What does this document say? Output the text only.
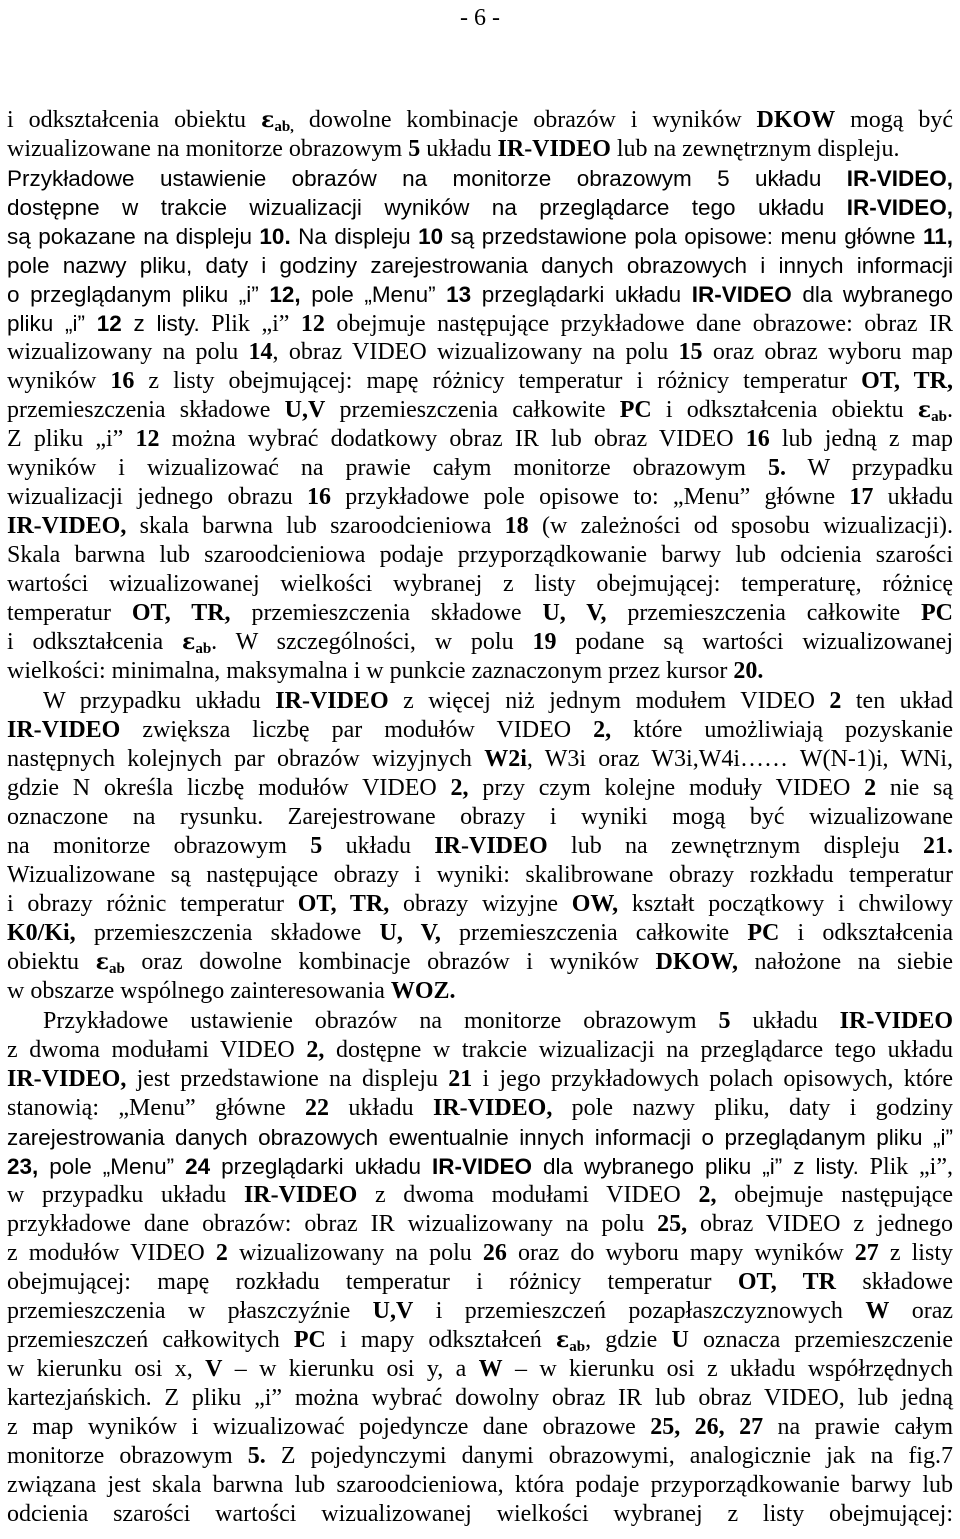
- 6 -
i odkształcenia obiektu $\varepsilon_{ab,}$ dowolne kombinacje obrazów i wyników DKOW mogą być
wizualizowane na monitorze obrazowym 5 układu IR-VIDEO lub na zewnętrznym displeju.
Przykładowe ustawienie obrazów na monitorze obrazowym 5 układu IR-VIDEO,
dostępne w trakcie wizualizacji wyników na przeglądarce tego układu IR-VIDEO,
są pokazane na displeju 10. Na displeju 10 są przedstawione pola opisowe: menu główne 11,
pole nazwy pliku, daty i godziny zarejestrowania danych obrazowych i innych informacji
o przeglądanym pliku „i” 12, pole „Menu” 13 przeglądarki układu IR-VIDEO dla wybranego
pliku „i” 12 z listy. Plik „i” 12 obejmuje następujące przykładowe dane obrazowe: obraz IR
wizualizowany na polu 14, obraz VIDEO wizualizowany na polu 15 oraz obraz wyboru map
wyników 16 z listy obejmującej: mapę różnicy temperatur i różnicy temperatur OT, TR,
przemieszczenia składowe U,V przemieszczenia całkowite PC i odkształcenia obiektu $\varepsilon_{ab}$.
Z pliku „i” 12 można wybrać dodatkowy obraz IR lub obraz VIDEO 16 lub jedną z map
wyników i wizualizować na prawie całym monitorze obrazowym 5. W przypadku
wizualizacji jednego obrazu 16 przykładowe pole opisowe to: „Menu” główne 17 układu
IR-VIDEO, skala barwna lub szaroodcieniowa 18 (w zależności od sposobu wizualizacji).
Skala barwna lub szaroodcieniowa podaje przyporządkowanie barwy lub odcienia szarości
wartości wizualizowanej wielkości wybranej z listy obejmującej: temperaturę, różnicę
temperatur OT, TR, przemieszczenia składowe U, V, przemieszczenia całkowite PC
i odkształcenia $\varepsilon_{ab}$. W szczególności, w polu 19 podane są wartości wizualizowanej
wielkości: minimalna, maksymalna i w punkcie zaznaczonym przez kursor 20.
W przypadku układu IR-VIDEO z więcej niż jednym modułem VIDEO 2 ten układ
IR-VIDEO zwiększa liczbę par modułów VIDEO 2, które umożliwiają pozyskanie
następnych kolejnych par obrazów wizyjnych W2i, W3i oraz W3i,W4i…… W(N-1)i, WNi,
gdzie N określa liczbę modułów VIDEO 2, przy czym kolejne moduły VIDEO 2 nie są
oznaczone na rysunku. Zarejestrowane obrazy i wyniki mogą być wizualizowane
na monitorze obrazowym 5 układu IR-VIDEO lub na zewnętrznym displeju 21.
Wizualizowane są następujące obrazy i wyniki: skalibrowane obrazy rozkładu temperatur
i obrazy różnic temperatur OT, TR, obrazy wizyjne OW, kształt początkowy i chwilowy
K0/Ki, przemieszczenia składowe U, V, przemieszczenia całkowite PC i odkształcenia
obiektu $\varepsilon_{ab}$ oraz dowolne kombinacje obrazów i wyników DKOW, nałożone na siebie
w obszarze wspólnego zainteresowania WOZ.
Przykładowe ustawienie obrazów na monitorze obrazowym 5 układu IR-VIDEO
z dwoma modułami VIDEO 2, dostępne w trakcie wizualizacji na przeglądarce tego układu
IR-VIDEO, jest przedstawione na displeju 21 i jego przykładowych polach opisowych, które
stanowią: „Menu” główne 22 układu IR-VIDEO, pole nazwy pliku, daty i godziny
zarejestrowania danych obrazowych ewentualnie innych informacji o przeglądanym pliku „i”
23, pole „Menu” 24 przeglądarki układu IR-VIDEO dla wybranego pliku „i” z listy. Plik „i”,
w przypadku układu IR-VIDEO z dwoma modułami VIDEO 2, obejmuje następujące
przykładowe dane obrazów: obraz IR wizualizowany na polu 25, obraz VIDEO z jednego
z modułów VIDEO 2 wizualizowany na polu 26 oraz do wyboru mapy wyników 27 z listy
obejmującej: mapę rozkładu temperatur i różnicy temperatur OT, TR składowe
przemieszczenia w płaszczyźnie U,V i przemieszczeń pozapłaszczyznowych W oraz
przemieszczeń całkowitych PC i mapy odkształceń $\varepsilon_{ab}$, gdzie U oznacza przemieszczenie
w kierunku osi x, V – w kierunku osi y, a W – w kierunku osi z układu współrzędnych
kartezjańskich. Z pliku „i” można wybrać dowolny obraz IR lub obraz VIDEO, lub jedną
z map wyników i wizualizować pojedyncze dane obrazowe 25, 26, 27 na prawie całym
monitorze obrazowym 5. Z pojedynczymi danymi obrazowymi, analogicznie jak na fig.7
związana jest skala barwna lub szaroodcieniowa, która podaje przyporządkowanie barwy lub
odcienia szarości wartości wizualizowanej wielkości wybranej z listy obejmującej:
